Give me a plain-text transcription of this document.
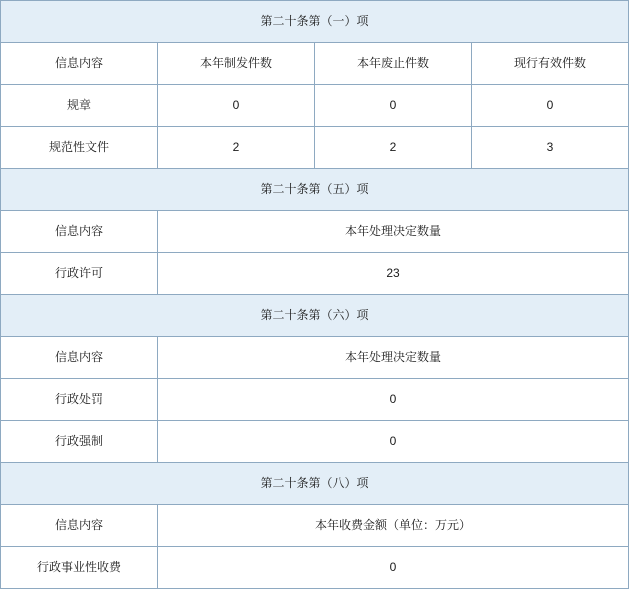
第二十条第（一）项			
信息内容	本年制发件数	本年废止件数	现行有效件数
规章	0	0	0
规范性文件	2	2	3
第二十条第（五）项			
信息内容	本年处理决定数量		
行政许可	23		
第二十条第（六）项			
信息内容	本年处理决定数量		
行政处罚	0		
行政强制	0		
第二十条第（八）项			
信息内容	本年收费金额（单位：万元）		
行政事业性收费	0		
